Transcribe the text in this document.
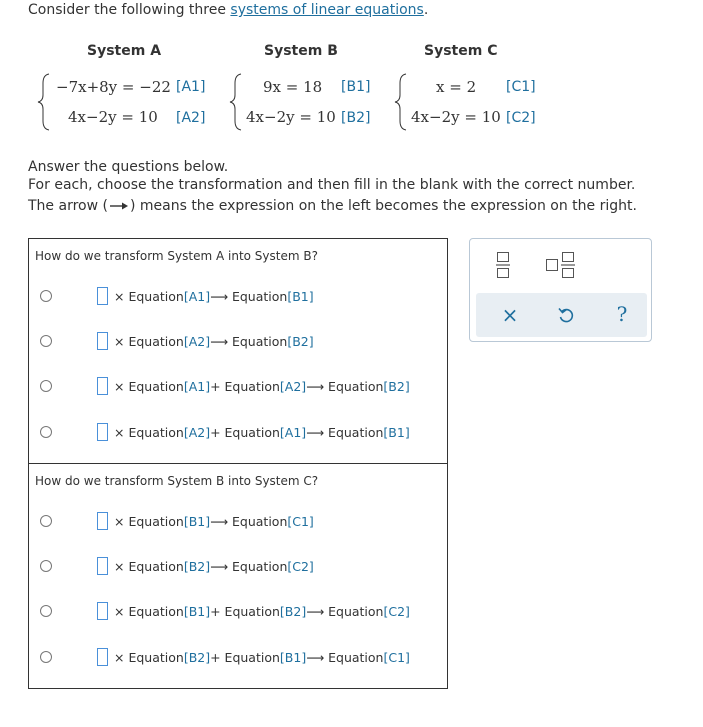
Consider the following three systems of linear equations.
System A	System B	System C
−7x+8y = −22 [A1]
4x−2y = 10 [A2]
9x = 18 [B1]
4x−2y = 10 [B2]
x = 2 [C1]
4x−2y = 10 [C2]
Answer the questions below.
For each, choose the transformation and then fill in the blank with the correct number.
The arrow ( ) means the expression on the left becomes the expression on the right.
How do we transform System A into System B?
× Equation [A1] ⟶ Equation [B1]
× Equation [A2] ⟶ Equation [B2]
× Equation [A1] + Equation [A2] ⟶ Equation [B2]
× Equation [A2] + Equation [A1] ⟶ Equation [B1]
How do we transform System B into System C?
× Equation [B1] ⟶ Equation [C1]
× Equation [B2] ⟶ Equation [C2]
× Equation [B1] + Equation [B2] ⟶ Equation [C2]
× Equation [B2] + Equation [B1] ⟶ Equation [C1]
×	?
